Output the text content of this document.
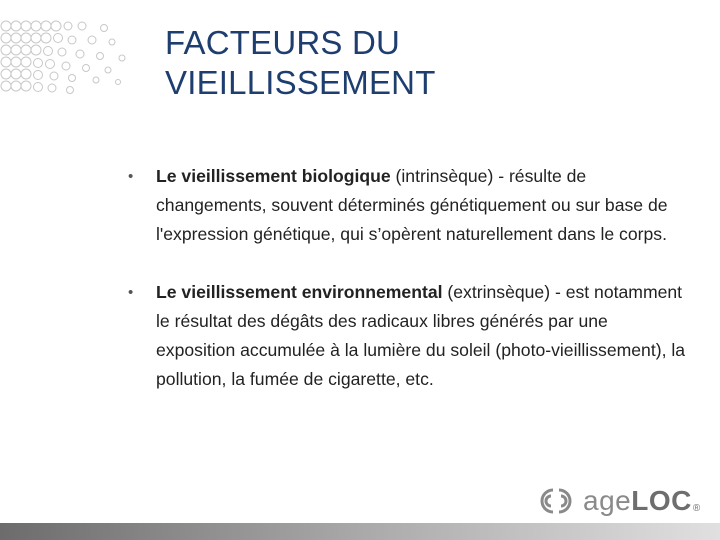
FACTEURS DU
VIEILLISSEMENT
•	Le vieillissement biologique (intrinsèque) - résulte de changements, souvent déterminés génétiquement ou sur base de l'expression génétique, qui s’opèrent naturellement dans le corps.
•	Le vieillissement environnemental (extrinsèque) - est notamment le résultat des dégâts des radicaux libres générés par une exposition accumulée à la lumière du soleil (photo-vieillissement), la pollution, la fumée de cigarette, etc.
ageLOC®
